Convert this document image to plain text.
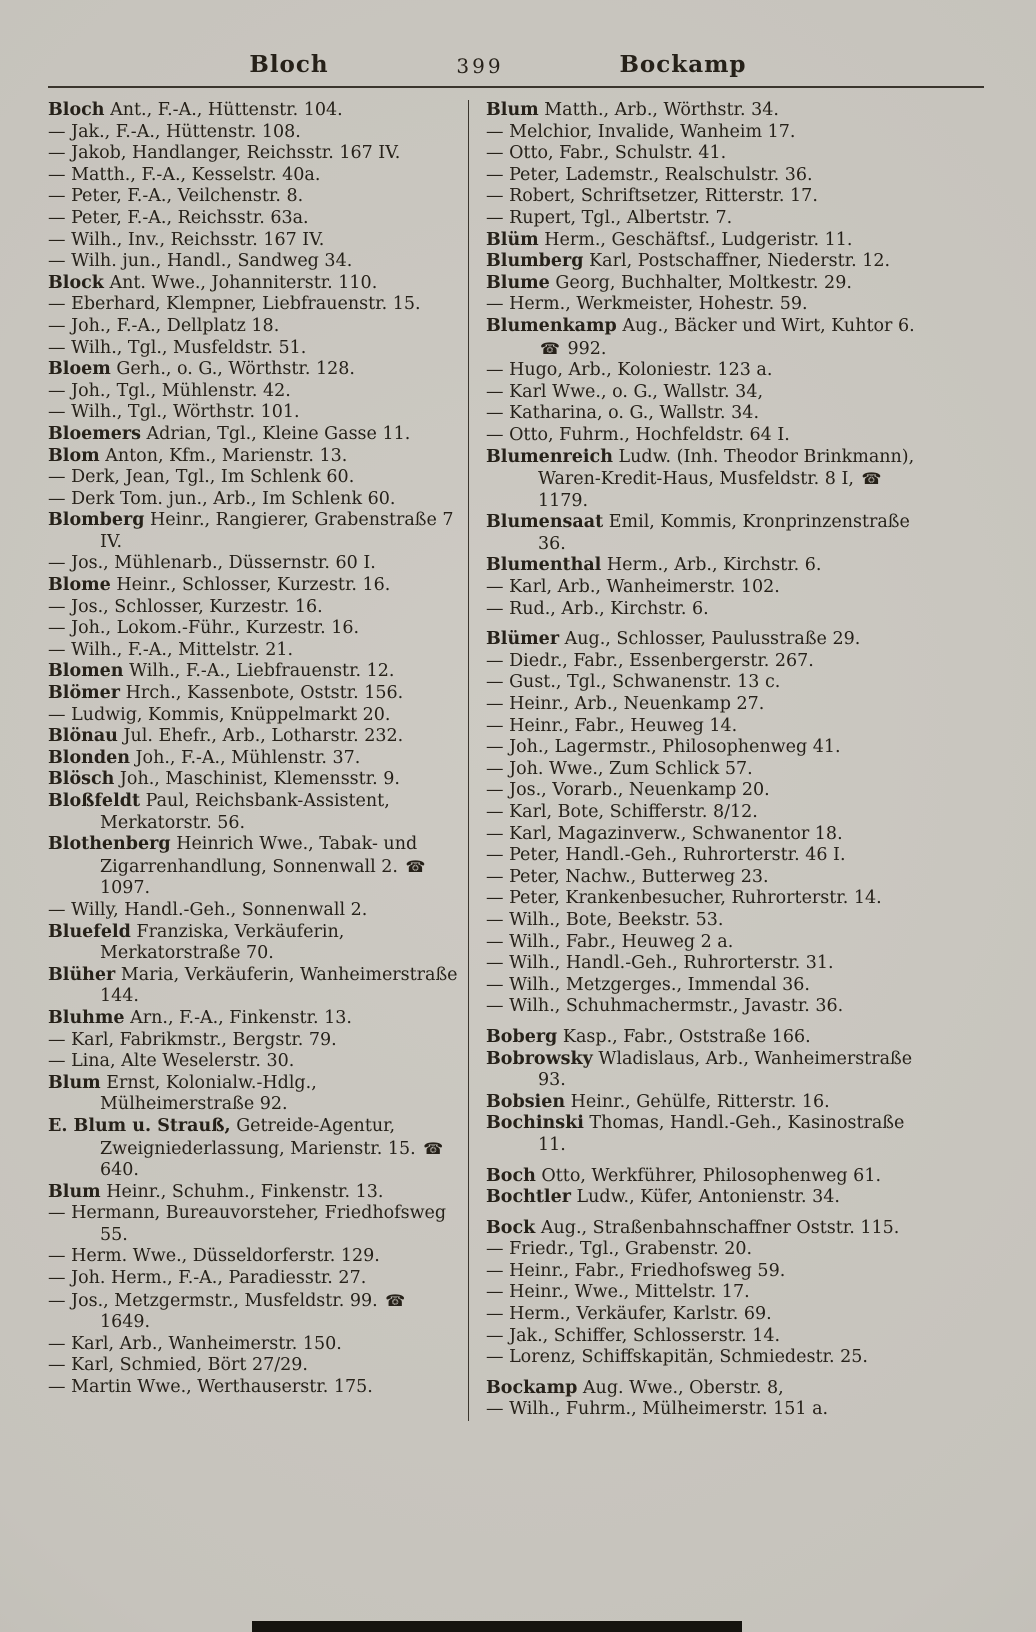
Bloch	399	Bockamp
Bloch Ant., F.-A., Hüttenstr. 104.
— Jak., F.-A., Hüttenstr. 108.
— Jakob, Handlanger, Reichsstr. 167 IV.
— Matth., F.-A., Kesselstr. 40a.
— Peter, F.-A., Veilchenstr. 8.
— Peter, F.-A., Reichsstr. 63a.
— Wilh., Inv., Reichsstr. 167 IV.
— Wilh. jun., Handl., Sandweg 34.
Block Ant. Wwe., Johanniterstr. 110.
— Eberhard, Klempner, Liebfrauenstr. 15.
— Joh., F.-A., Dellplatz 18.
— Wilh., Tgl., Musfeldstr. 51.
Bloem Gerh., o. G., Wörthstr. 128.
— Joh., Tgl., Mühlenstr. 42.
— Wilh., Tgl., Wörthstr. 101.
Bloemers Adrian, Tgl., Kleine Gasse 11.
Blom Anton, Kfm., Marienstr. 13.
— Derk, Jean, Tgl., Im Schlenk 60.
— Derk Tom. jun., Arb., Im Schlenk 60.
Blomberg Heinr., Rangierer, Grabenstraße 7 IV.
— Jos., Mühlenarb., Düssernstr. 60 I.
Blome Heinr., Schlosser, Kurzestr. 16.
— Jos., Schlosser, Kurzestr. 16.
— Joh., Lokom.-Führ., Kurzestr. 16.
— Wilh., F.-A., Mittelstr. 21.
Blomen Wilh., F.-A., Liebfrauenstr. 12.
Blömer Hrch., Kassenbote, Oststr. 156.
— Ludwig, Kommis, Knüppelmarkt 20.
Blönau Jul. Ehefr., Arb., Lotharstr. 232.
Blonden Joh., F.-A., Mühlenstr. 37.
Blösch Joh., Maschinist, Klemensstr. 9.
Bloßfeldt Paul, Reichsbank-Assistent, Merkatorstr. 56.
Blothenberg Heinrich Wwe., Tabak- und Zigarrenhandlung, Sonnenwall 2. ☎ 1097.
— Willy, Handl.-Geh., Sonnenwall 2.
Bluefeld Franziska, Verkäuferin, Merkatorstraße 70.
Blüher Maria, Verkäuferin, Wanheimerstraße 144.
Bluhme Arn., F.-A., Finkenstr. 13.
— Karl, Fabrikmstr., Bergstr. 79.
— Lina, Alte Weselerstr. 30.
Blum Ernst, Kolonialw.-Hdlg., Mülheimerstraße 92.
E. Blum u. Strauß, Getreide-Agentur, Zweigniederlassung, Marienstr. 15. ☎ 640.
Blum Heinr., Schuhm., Finkenstr. 13.
— Hermann, Bureauvorsteher, Friedhofsweg 55.
— Herm. Wwe., Düsseldorferstr. 129.
— Joh. Herm., F.-A., Paradiesstr. 27.
— Jos., Metzgermstr., Musfeldstr. 99. ☎ 1649.
— Karl, Arb., Wanheimerstr. 150.
— Karl, Schmied, Bört 27/29.
— Martin Wwe., Werthauserstr. 175.
Blum Matth., Arb., Wörthstr. 34.
— Melchior, Invalide, Wanheim 17.
— Otto, Fabr., Schulstr. 41.
— Peter, Lademstr., Realschulstr. 36.
— Robert, Schriftsetzer, Ritterstr. 17.
— Rupert, Tgl., Albertstr. 7.
Blüm Herm., Geschäftsf., Ludgeristr. 11.
Blumberg Karl, Postschaffner, Niederstr. 12.
Blume Georg, Buchhalter, Moltkestr. 29.
— Herm., Werkmeister, Hohestr. 59.
Blumenkamp Aug., Bäcker und Wirt, Kuhtor 6. ☎ 992.
— Hugo, Arb., Koloniestr. 123 a.
— Karl Wwe., o. G., Wallstr. 34,
— Katharina, o. G., Wallstr. 34.
— Otto, Fuhrm., Hochfeldstr. 64 I.
Blumenreich Ludw. (Inh. Theodor Brinkmann), Waren-Kredit-Haus, Musfeldstr. 8 I, ☎ 1179.
Blumensaat Emil, Kommis, Kronprinzenstraße 36.
Blumenthal Herm., Arb., Kirchstr. 6.
— Karl, Arb., Wanheimerstr. 102.
— Rud., Arb., Kirchstr. 6.
Blümer Aug., Schlosser, Paulusstraße 29.
— Diedr., Fabr., Essenbergerstr. 267.
— Gust., Tgl., Schwanenstr. 13 c.
— Heinr., Arb., Neuenkamp 27.
— Heinr., Fabr., Heuweg 14.
— Joh., Lagermstr., Philosophenweg 41.
— Joh. Wwe., Zum Schlick 57.
— Jos., Vorarb., Neuenkamp 20.
— Karl, Bote, Schifferstr. 8/12.
— Karl, Magazinverw., Schwanentor 18.
— Peter, Handl.-Geh., Ruhrorterstr. 46 I.
— Peter, Nachw., Butterweg 23.
— Peter, Krankenbesucher, Ruhrorterstr. 14.
— Wilh., Bote, Beekstr. 53.
— Wilh., Fabr., Heuweg 2 a.
— Wilh., Handl.-Geh., Ruhrorterstr. 31.
— Wilh., Metzgerges., Immendal 36.
— Wilh., Schuhmachermstr., Javastr. 36.
Boberg Kasp., Fabr., Oststraße 166.
Bobrowsky Wladislaus, Arb., Wanheimerstraße 93.
Bobsien Heinr., Gehülfe, Ritterstr. 16.
Bochinski Thomas, Handl.-Geh., Kasinostraße 11.
Boch Otto, Werkführer, Philosophenweg 61.
Bochtler Ludw., Küfer, Antonienstr. 34.
Bock Aug., Straßenbahnschaffner Oststr. 115.
— Friedr., Tgl., Grabenstr. 20.
— Heinr., Fabr., Friedhofsweg 59.
— Heinr., Wwe., Mittelstr. 17.
— Herm., Verkäufer, Karlstr. 69.
— Jak., Schiffer, Schlosserstr. 14.
— Lorenz, Schiffskapitän, Schmiedestr. 25.
Bockamp Aug. Wwe., Oberstr. 8,
— Wilh., Fuhrm., Mülheimerstr. 151 a.
